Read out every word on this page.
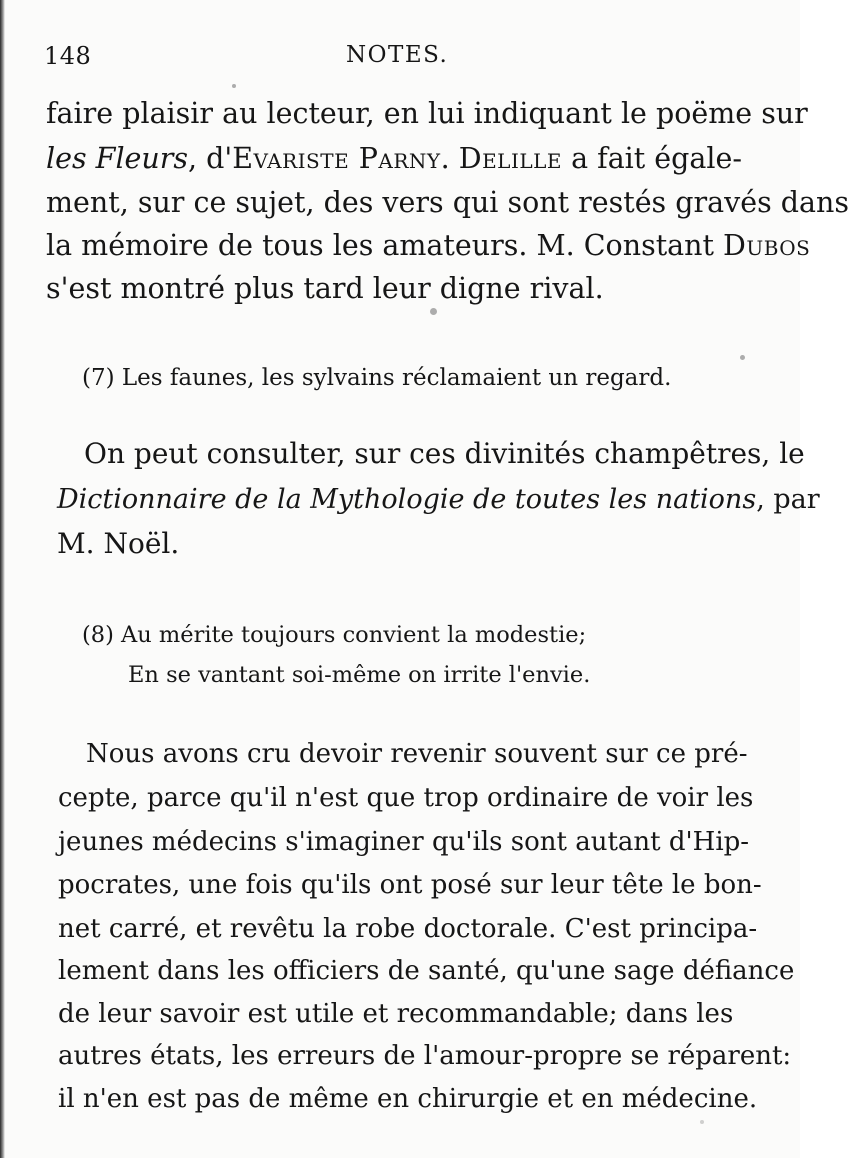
148	NOTES.
faire plaisir au lecteur, en lui indiquant le poëme sur
les Fleurs, d'Evariste Parny. Delille a fait égale-
ment, sur ce sujet, des vers qui sont restés gravés dans
la mémoire de tous les amateurs. M. Constant Dubos
s'est montré plus tard leur digne rival.
(7) Les faunes, les sylvains réclamaient un regard.
On peut consulter, sur ces divinités champêtres, le
Dictionnaire de la Mythologie de toutes les nations, par
M. Noël.
(8) Au mérite toujours convient la modestie;
En se vantant soi-même on irrite l'envie.
Nous avons cru devoir revenir souvent sur ce pré-
cepte, parce qu'il n'est que trop ordinaire de voir les
jeunes médecins s'imaginer qu'ils sont autant d'Hip-
pocrates, une fois qu'ils ont posé sur leur tête le bon-
net carré, et revêtu la robe doctorale. C'est principa-
lement dans les officiers de santé, qu'une sage défiance
de leur savoir est utile et recommandable; dans les
autres états, les erreurs de l'amour-propre se réparent:
il n'en est pas de même en chirurgie et en médecine.
